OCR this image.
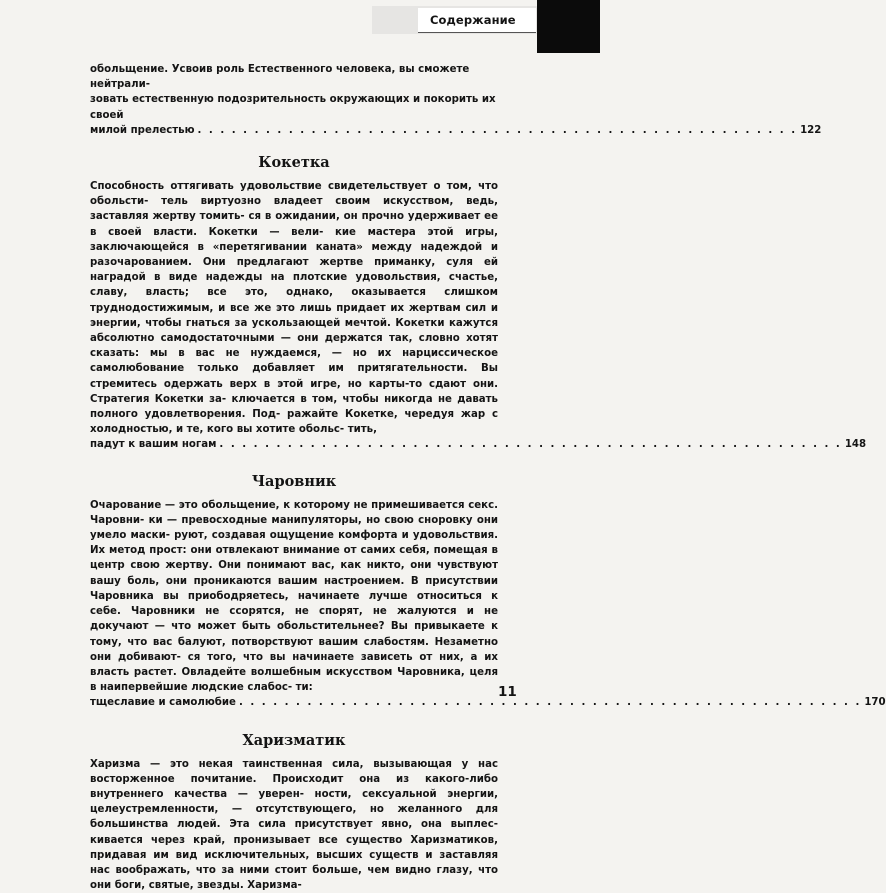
Содержание

обольщение. Усвоив роль Естественного человека, вы сможете нейтрали-

зовать естественную подозрительность окружающих и покорить их своей

милой прелестью . . . . . . . . . . . . . . . . . . . . . . . . . . . . . . . . . . . . . . . . . . . . . . . . . . . . . 122
Кокетка

Способность оттягивать удовольствие свидетельствует о том, что обольсти- тель виртуозно владеет своим искусством, ведь, заставляя жертву томить- ся в ожидании, он прочно удерживает ее в своей власти. Кокетки — вели- кие мастера этой игры, заключающейся в «перетягивании каната» между надеждой и разочарованием. Они предлагают жертве приманку, суля ей наградой в виде надежды на плотские удовольствия, счастье, славу, власть; все это, однако, оказывается слишком труднодостижимым, и все же это лишь придает их жертвам сил и энергии, чтобы гнаться за ускользающей мечтой. Кокетки кажутся абсолютно самодостаточными — они держатся так, словно хотят сказать: мы в вас не нуждаемся, — но их нарциссическое самолюбование только добавляет им притягательности. Вы стремитесь одержать верх в этой игре, но карты-то сдают они. Стратегия Кокетки за- ключается в том, чтобы никогда не давать полного удовлетворения. Под- ражайте Кокетке, чередуя жар с холодностью, и те, кого вы хотите обольс- тить,

падут к вашим ногам . . . . . . . . . . . . . . . . . . . . . . . . . . . . . . . . . . . . . . . . . . . . . . . . . . . . . . . 148
Чаровник

Очарование — это обольщение, к которому не примешивается секс. Чаровни- ки — превосходные манипуляторы, но свою сноровку они умело маски- руют, создавая ощущение комфорта и удовольствия. Их метод прост: они отвлекают внимание от самих себя, помещая в центр свою жертву. Они понимают вас, как никто, они чувствуют вашу боль, они проникаются вашим настроением. В присутствии Чаровника вы приободряетесь, начинаете лучше относиться к себе. Чаровники не ссорятся, не спорят, не жалуются и не докучают — что может быть обольстительнее? Вы привыкаете к тому, что вас балуют, потворствуют вашим слабостям. Незаметно они добивают- ся того, что вы начинаете зависеть от них, а их власть растет. Овладейте волшебным искусством Чаровника, целя в наипервейшие людские слабос- ти:

тщеславие и самолюбие . . . . . . . . . . . . . . . . . . . . . . . . . . . . . . . . . . . . . . . . . . . . . . . . . . . . . . . 170
Харизматик

Харизма — это некая таинственная сила, вызывающая у нас восторженное почитание. Происходит она из какого-либо внутреннего качества — уверен- ности, сексуальной энергии, целеустремленности, — отсутствующего, но желанного для большинства людей. Эта сила присутствует явно, она выплес- кивается через край, пронизывает все существо Харизматиков, придавая им вид исключительных, высших существ и заставляя нас воображать, что за ними стоит больше, чем видно глазу, что они боги, святые, звезды. Харизма-

11
